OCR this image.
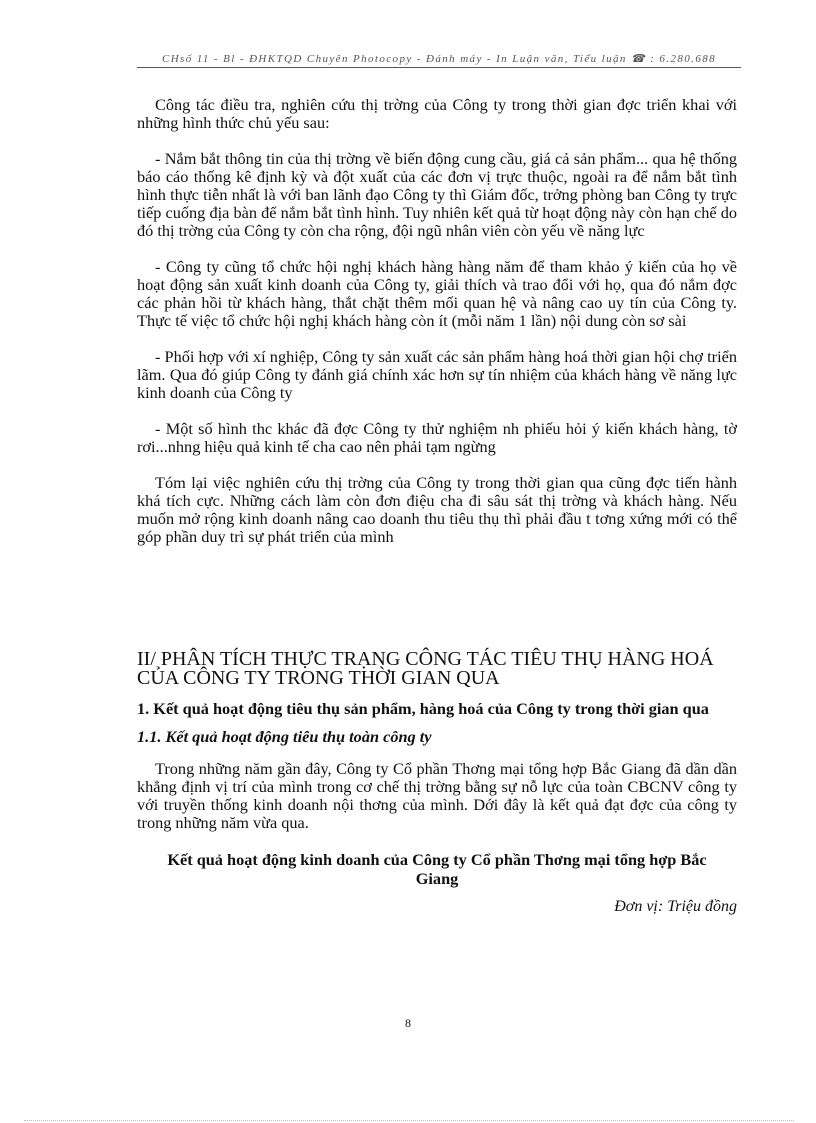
CHsố 11 - Bl - ĐHKTQD Chuyên Photocopy - Đánh máy - In Luận văn, Tiểu luận ☎ : 6.280.688

Công tác điều tra, nghiên cứu thị trờng của Công ty trong thời gian đợc triển khai với những hình thức chủ yếu sau:

- Nắm bắt thông tin của thị trờng về biến động cung cầu, giá cả sản phẩm... qua hệ thống báo cáo thống kê định kỳ và đột xuất của các đơn vị trực thuộc, ngoài ra để nắm bắt tình hình thực tiễn nhất là với ban lãnh đạo Công ty thì Giám đốc, trởng phòng ban Công ty trực tiếp cuống địa bàn để nắm bắt tình hình. Tuy nhiên kết quả từ hoạt động này còn hạn chế do đó thị trờng của Công ty còn cha rộng, đội ngũ nhân viên còn yếu về năng lực

- Công ty cũng tổ chức hội nghị khách hàng hàng năm để tham khảo ý kiến của họ về hoạt động sản xuất kinh doanh của Công ty, giải thích và trao đổi với họ, qua đó nắm đợc các phản hồi từ khách hàng, thắt chặt thêm mối quan hệ và nâng cao uy tín của Công ty. Thực tế việc tổ chức hội nghị khách hàng còn ít (mỗi năm 1 lần) nội dung còn sơ sài

- Phối hợp với xí nghiệp, Công ty sản xuất các sản phẩm hàng hoá thời gian hội chợ triển lãm. Qua đó giúp Công ty đánh giá chính xác hơn sự tín nhiệm của khách hàng về năng lực kinh doanh của Công ty

- Một số hình thc khác đã đợc Công ty thử nghiệm nh phiếu hỏi ý kiến khách hàng, tờ rơi...nhng hiệu quả kinh tế cha cao nên phải tạm ngừng

Tóm lại việc nghiên cứu thị trờng của Công ty trong thời gian qua cũng đợc tiến hành khá tích cực. Những cách làm còn đơn điệu cha đi sâu sát thị trờng và khách hàng. Nếu muốn mở rộng kinh doanh nâng cao doanh thu tiêu thụ thì phải đầu t tơng xứng mới có thể góp phần duy trì sự phát triển của mình

II/ PHÂN TÍCH THỰC TRẠNG CÔNG TÁC TIÊU THỤ HÀNG HOÁ CỦA CÔNG TY TRONG THỜI GIAN QUA
1. Kết quả hoạt động tiêu thụ sản phẩm, hàng hoá của Công ty trong thời gian qua
1.1. Kết quả hoạt động tiêu thụ toàn công ty

Trong những năm gần đây, Công ty Cổ phần Thơng mại tổng hợp Bắc Giang đã dần dần khẳng định vị trí của mình trong cơ chế thị trờng bằng sự nỗ lực của toàn CBCNV công ty với truyền thống kinh doanh nội thơng của mình. Dới đây là kết quả đạt đợc của công ty trong những năm vừa qua.

Kết quả hoạt động kinh doanh của Công ty Cổ phần Thơng mại tổng hợp Bắc Giang

Đơn vị: Triệu đồng

8
